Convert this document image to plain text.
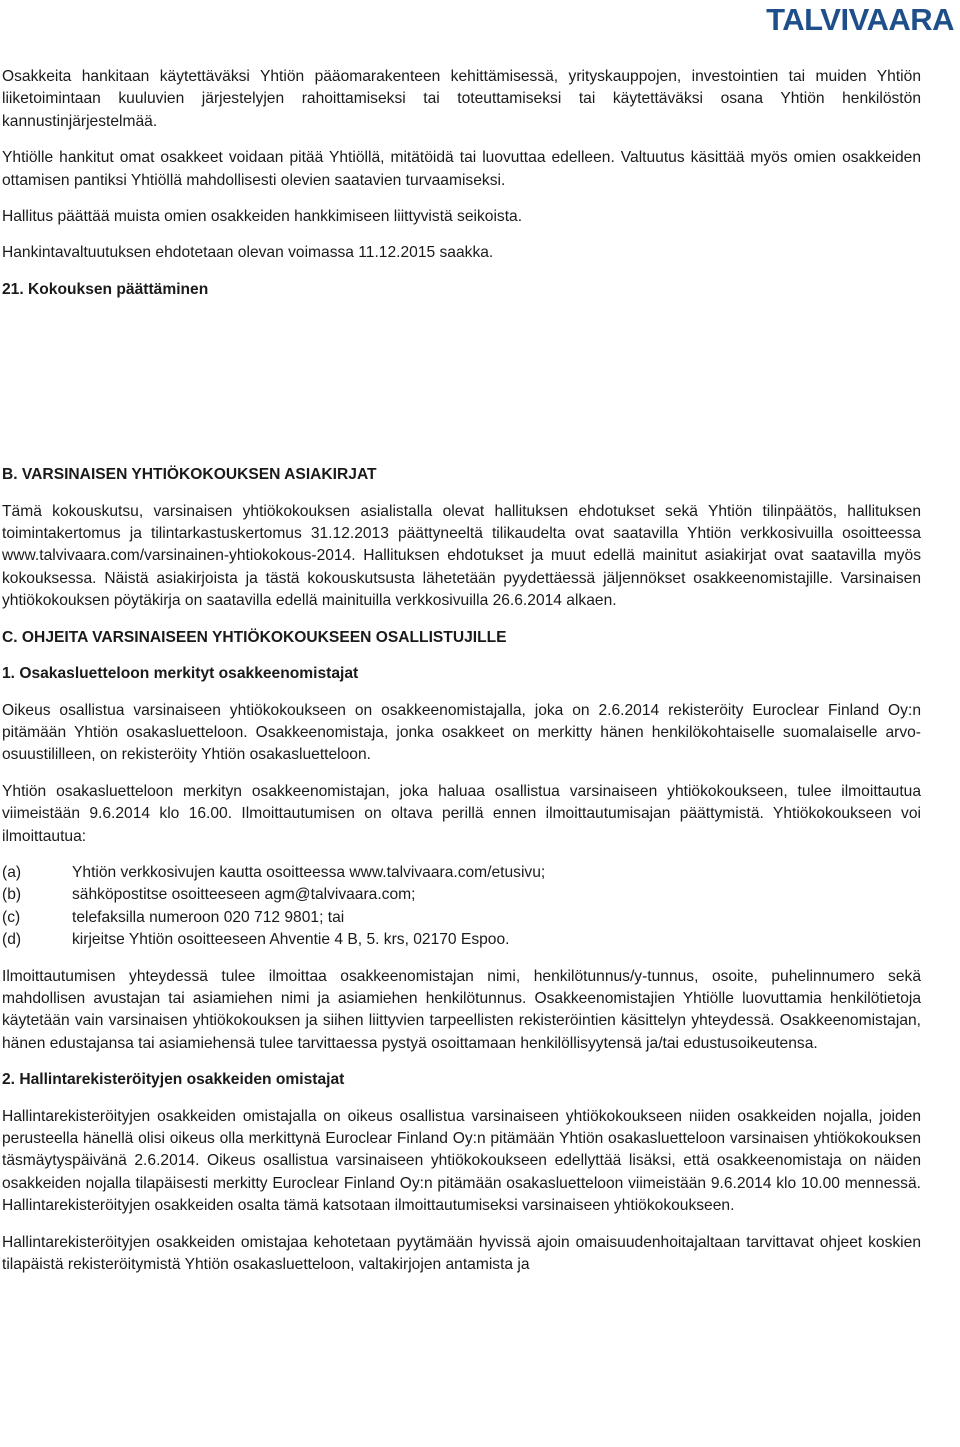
TALVIVAARA

Osakkeita hankitaan käytettäväksi Yhtiön pääomarakenteen kehittämisessä, yrityskauppojen, investointien tai muiden Yhtiön liiketoimintaan kuuluvien järjestelyjen rahoittamiseksi tai toteuttamiseksi tai käytettäväksi osana Yhtiön henkilöstön kannustinjärjestelmää.

Yhtiölle hankitut omat osakkeet voidaan pitää Yhtiöllä, mitätöidä tai luovuttaa edelleen. Valtuutus käsittää myös omien osakkeiden ottamisen pantiksi Yhtiöllä mahdollisesti olevien saatavien turvaamiseksi.

Hallitus päättää muista omien osakkeiden hankkimiseen liittyvistä seikoista.

Hankintavaltuutuksen ehdotetaan olevan voimassa 11.12.2015 saakka.

21. Kokouksen päättäminen
B. VARSINAISEN YHTIÖKOKOUKSEN ASIAKIRJAT

Tämä kokouskutsu, varsinaisen yhtiökokouksen asialistalla olevat hallituksen ehdotukset sekä Yhtiön tilinpäätös, hallituksen toimintakertomus ja tilintarkastuskertomus 31.12.2013 päättyneeltä tilikaudelta ovat saatavilla Yhtiön verkkosivuilla osoitteessa www.talvivaara.com/varsinainen-yhtiokokous-2014. Hallituksen ehdotukset ja muut edellä mainitut asiakirjat ovat saatavilla myös kokouksessa. Näistä asiakirjoista ja tästä kokouskutsusta lähetetään pyydettäessä jäljennökset osakkeenomistajille. Varsinaisen yhtiökokouksen pöytäkirja on saatavilla edellä mainituilla verkkosivuilla 26.6.2014 alkaen.

C. OHJEITA VARSINAISEEN YHTIÖKOKOUKSEEN OSALLISTUJILLE
1. Osakasluetteloon merkityt osakkeenomistajat

Oikeus osallistua varsinaiseen yhtiökokoukseen on osakkeenomistajalla, joka on 2.6.2014 rekisteröity Euroclear Finland Oy:n pitämään Yhtiön osakasluetteloon. Osakkeenomistaja, jonka osakkeet on merkitty hänen henkilökohtaiselle suomalaiselle arvo-osuustililleen, on rekisteröity Yhtiön osakasluetteloon.

Yhtiön osakasluetteloon merkityn osakkeenomistajan, joka haluaa osallistua varsinaiseen yhtiökokoukseen, tulee ilmoittautua viimeistään 9.6.2014 klo 16.00. Ilmoittautumisen on oltava perillä ennen ilmoittautumisajan päättymistä. Yhtiökokoukseen voi ilmoittautua:

(a)	Yhtiön verkkosivujen kautta osoitteessa www.talvivaara.com/etusivu;
(b)	sähköpostitse osoitteeseen agm@talvivaara.com;
(c)	telefaksilla numeroon 020 712 9801; tai
(d)	kirjeitse Yhtiön osoitteeseen Ahventie 4 B, 5. krs, 02170 Espoo.

Ilmoittautumisen yhteydessä tulee ilmoittaa osakkeenomistajan nimi, henkilötunnus/y-tunnus, osoite, puhelinnumero sekä mahdollisen avustajan tai asiamiehen nimi ja asiamiehen henkilötunnus. Osakkeenomistajien Yhtiölle luovuttamia henkilötietoja käytetään vain varsinaisen yhtiökokouksen ja siihen liittyvien tarpeellisten rekisteröintien käsittelyn yhteydessä. Osakkeenomistajan, hänen edustajansa tai asiamiehensä tulee tarvittaessa pystyä osoittamaan henkilöllisyytensä ja/tai edustusoikeutensa.

2. Hallintarekisteröityjen osakkeiden omistajat

Hallintarekisteröityjen osakkeiden omistajalla on oikeus osallistua varsinaiseen yhtiökokoukseen niiden osakkeiden nojalla, joiden perusteella hänellä olisi oikeus olla merkittynä Euroclear Finland Oy:n pitämään Yhtiön osakasluetteloon varsinaisen yhtiökokouksen täsmäytyspäivänä 2.6.2014. Oikeus osallistua varsinaiseen yhtiökokoukseen edellyttää lisäksi, että osakkeenomistaja on näiden osakkeiden nojalla tilapäisesti merkitty Euroclear Finland Oy:n pitämään osakasluetteloon viimeistään 9.6.2014 klo 10.00 mennessä. Hallintarekisteröityjen osakkeiden osalta tämä katsotaan ilmoittautumiseksi varsinaiseen yhtiökokoukseen.

Hallintarekisteröityjen osakkeiden omistajaa kehotetaan pyytämään hyvissä ajoin omaisuudenhoitajaltaan tarvittavat ohjeet koskien tilapäistä rekisteröitymistä Yhtiön osakasluetteloon, valtakirjojen antamista ja
